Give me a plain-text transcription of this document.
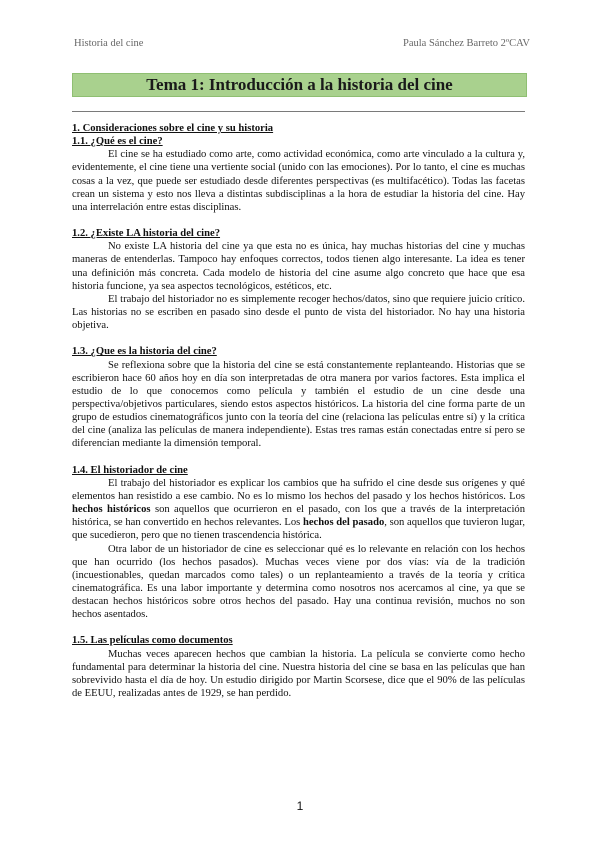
Historia del cine	Paula Sánchez Barreto 2ºCAV
Tema 1: Introducción a la historia del cine

1. Consideraciones sobre el cine y su historia

1.1. ¿Qué es el cine?

El cine se ha estudiado como arte, como actividad económica, como arte vinculado a la cultura y, evidentemente, el cine tiene una vertiente social (unido con las emociones). Por lo tanto, el cine es muchas cosas a la vez, que puede ser estudiado desde diferentes perspectivas (es multifacético). Todas las facetas crean un sistema y esto nos lleva a distintas subdisciplinas a la hora de estudiar la historia del cine. Hay una interrelación entre estas disciplinas.

1.2. ¿Existe LA historia del cine?

No existe LA historia del cine ya que esta no es única, hay muchas historias del cine y muchas maneras de entenderlas. Tampoco hay enfoques correctos, todos tienen algo interesante. La idea es tener una definición más concreta. Cada modelo de historia del cine asume algo concreto que hace que esa historia funcione, ya sea aspectos tecnológicos, estéticos, etc.

El trabajo del historiador no es simplemente recoger hechos/datos, sino que requiere juicio crítico. Las historias no se escriben en pasado sino desde el punto de vista del historiador. No hay una historia objetiva.

1.3. ¿Que es la historia del cine?

Se reflexiona sobre que la historia del cine se está constantemente replanteando. Historias que se escribieron hace 60 años hoy en día son interpretadas de otra manera por varios factores. Esta implica el estudio de lo que conocemos como película y también el estudio de un cine desde una perspectiva/objetivos particulares, siendo estos aspectos históricos. La historia del cine forma parte de un grupo de estudios cinematográficos junto con la teoría del cine (relaciona las películas entre sí) y la crítica del cine (analiza las películas de manera independiente). Estas tres ramas están conectadas entre sí pero se diferencian mediante la dimensión temporal.

1.4. El historiador de cine

El trabajo del historiador es explicar los cambios que ha sufrido el cine desde sus orígenes y qué elementos han resistido a ese cambio. No es lo mismo los hechos del pasado y los hechos históricos. Los hechos históricos son aquellos que ocurrieron en el pasado, con los que a través de la interpretación histórica, se han convertido en hechos relevantes. Los hechos del pasado, son aquellos que tuvieron lugar, que sucedieron, pero que no tienen trascendencia histórica.

Otra labor de un historiador de cine es seleccionar qué es lo relevante en relación con los hechos que han ocurrido (los hechos pasados). Muchas veces viene por dos vías: vía de la tradición (incuestionables, quedan marcados como tales) o un replanteamiento a través de la teoría y crítica cinematográfica. Es una labor importante y determina como nosotros nos acercamos al cine, ya que se destacan hechos históricos sobre otros hechos del pasado. Hay una continua revisión, muchos no son hechos asentados.

1.5. Las películas como documentos

Muchas veces aparecen hechos que cambian la historia. La película se convierte como hecho fundamental para determinar la historia del cine. Nuestra historia del cine se basa en las películas que han sobrevivido hasta el día de hoy. Un estudio dirigido por Martin Scorsese, dice que el 90% de las películas de EEUU, realizadas antes de 1929, se han perdido.

1
